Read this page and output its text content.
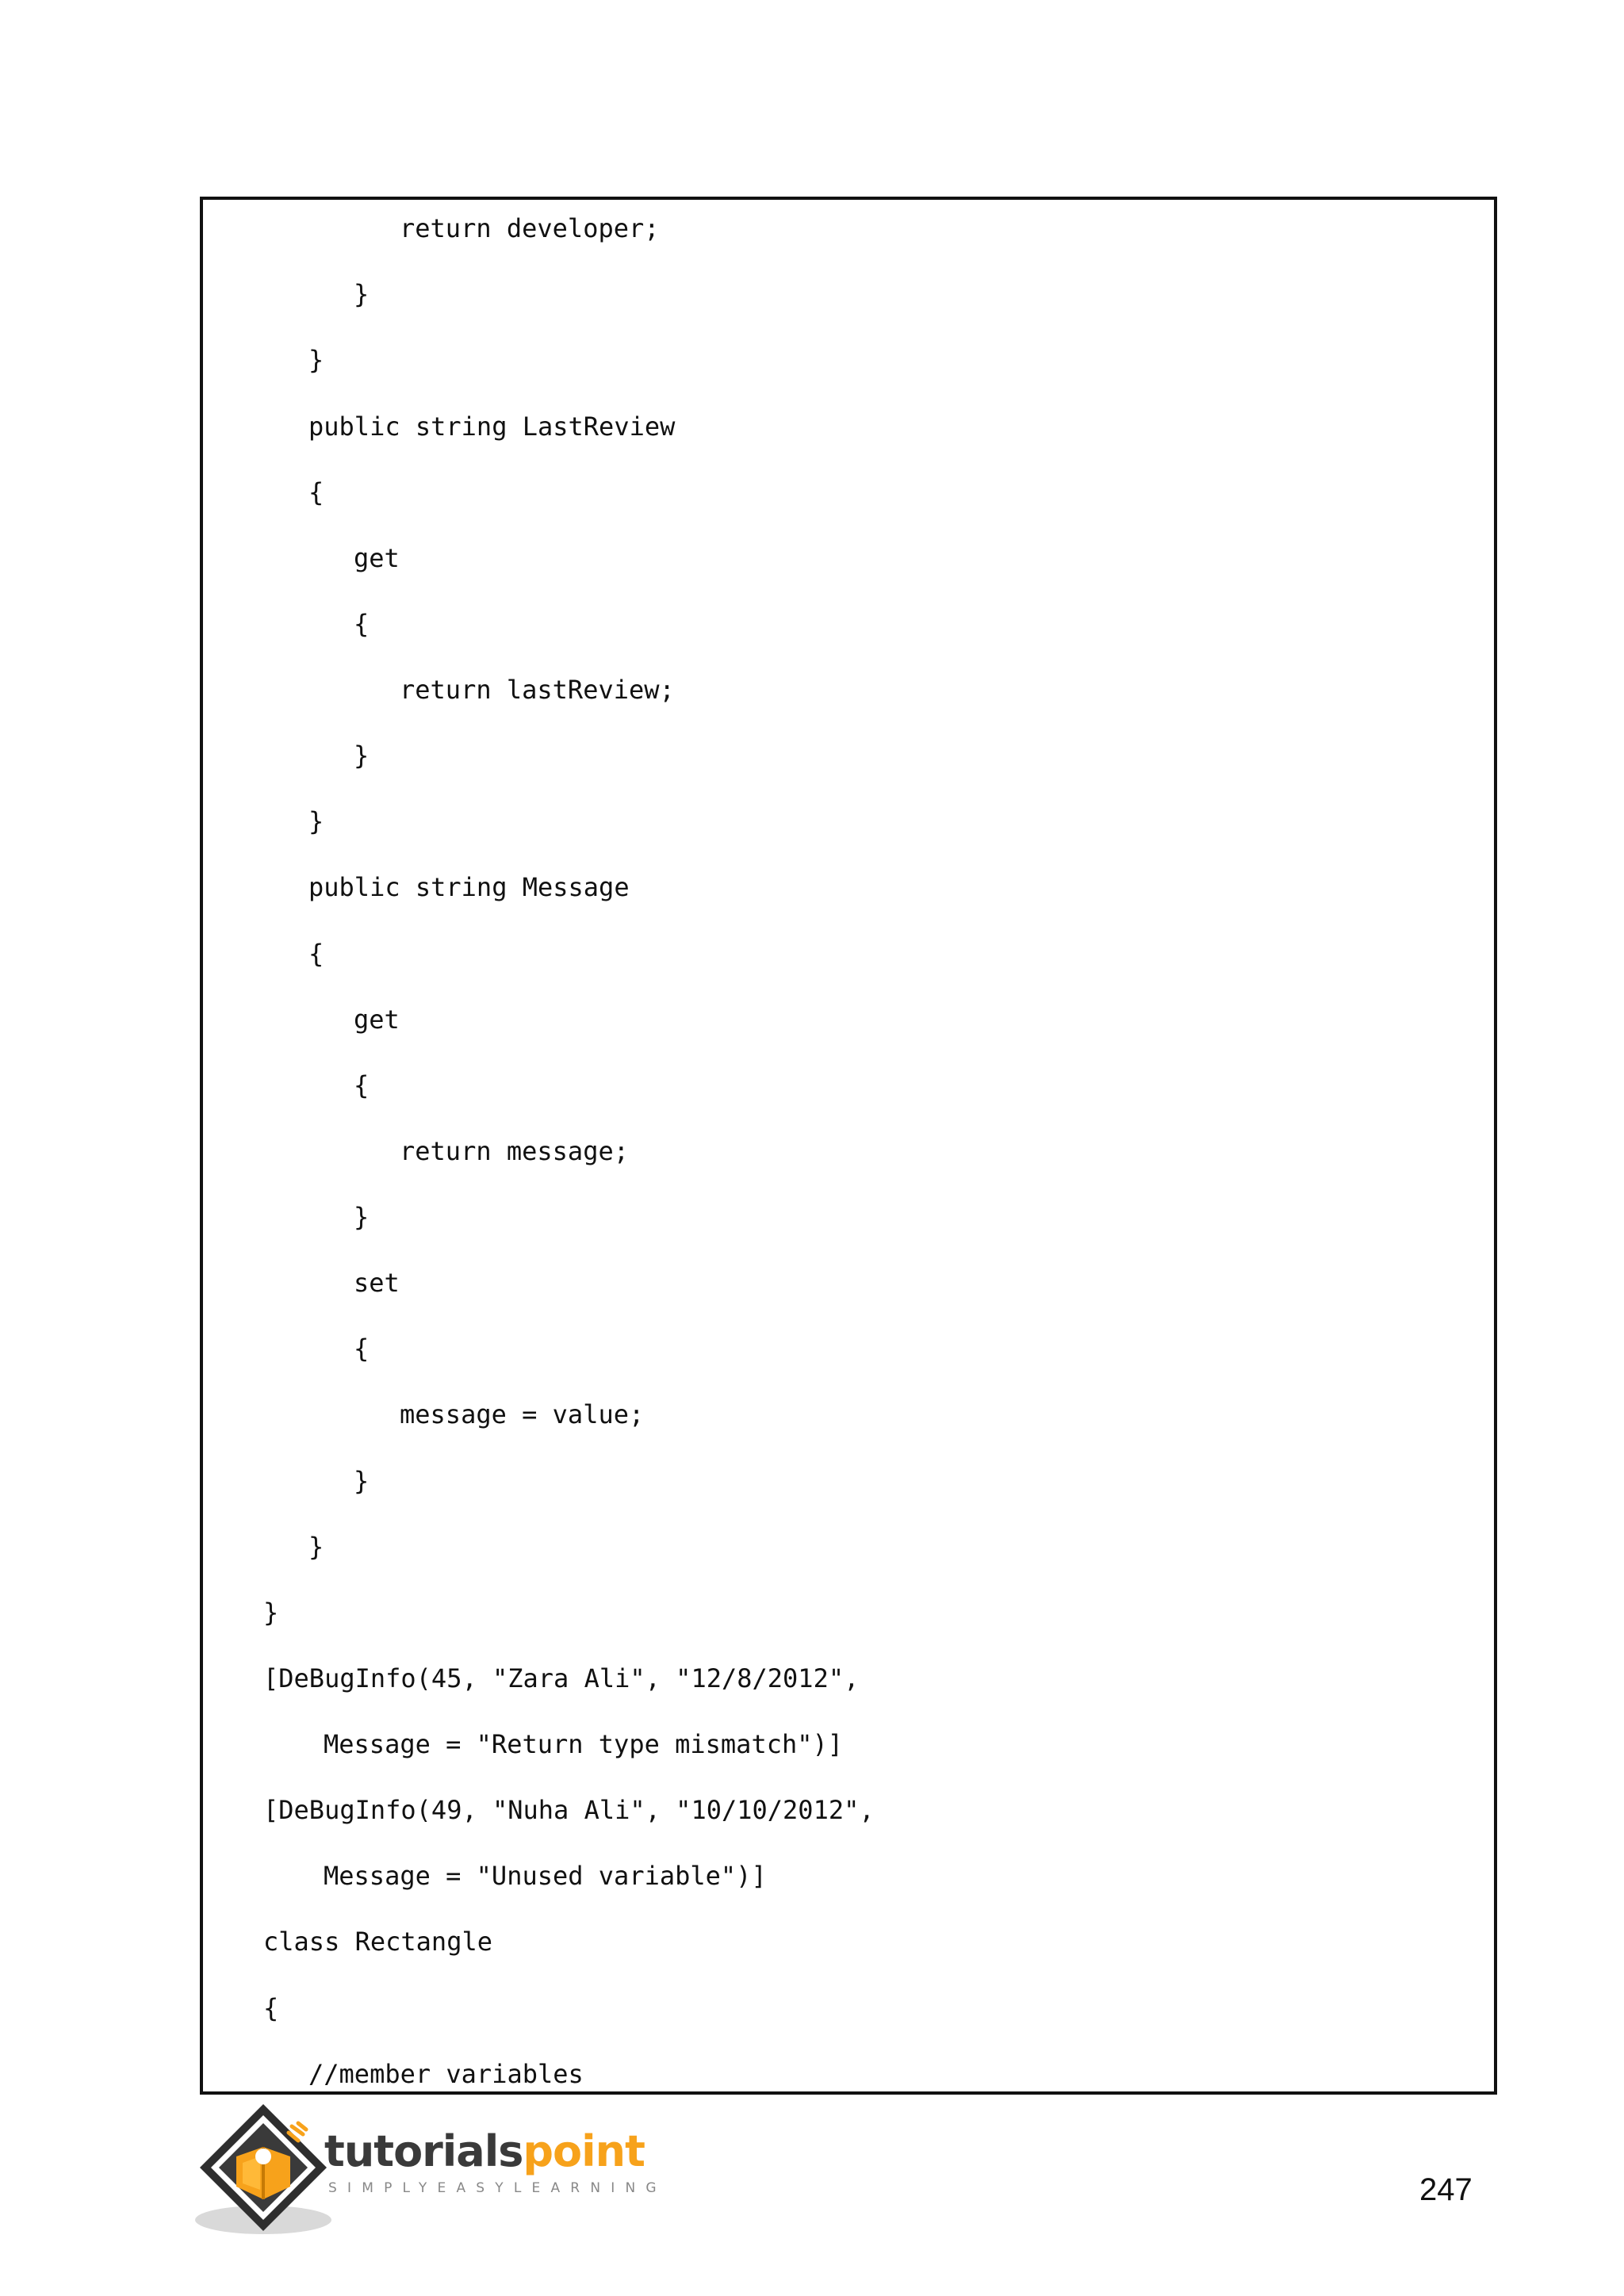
return developer;
}
}
public string LastReview
{
get
{
return lastReview;
}
}
public string Message
{
get
{
return message;
}
set
{
message = value;
}
}
}
[DeBugInfo(45, "Zara Ali", "12/8/2012",
Message = "Return type mismatch")]
[DeBugInfo(49, "Nuha Ali", "10/10/2012",
Message = "Unused variable")]
class Rectangle
{
//member variables
tutorialspoint
SIMPLYEASYLEARNING	247
